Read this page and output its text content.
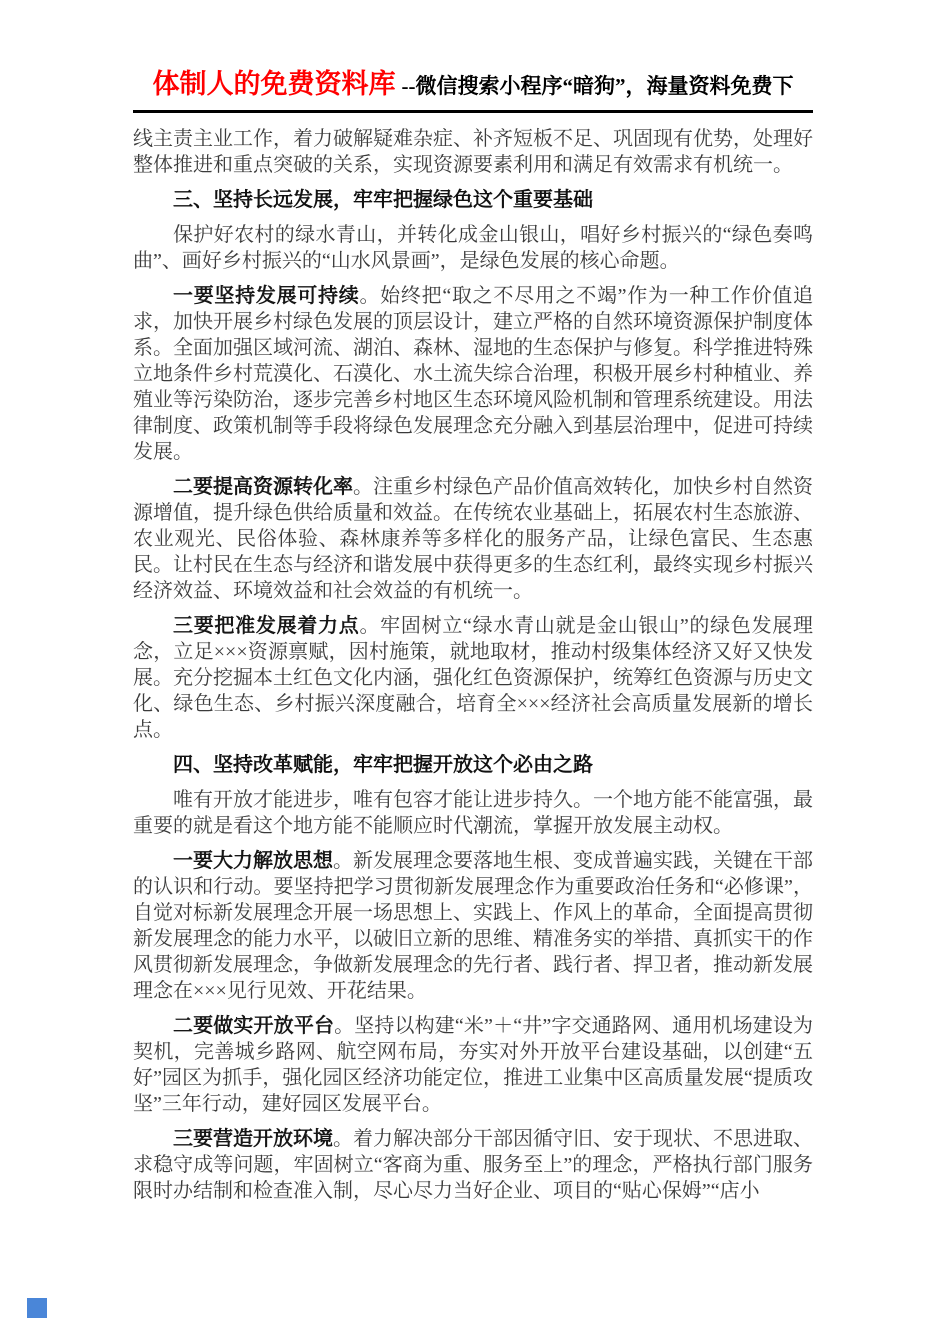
体制人的免费资料库 --微信搜索小程序“暗狗”，海量资料免费下

线主责主业工作，着力破解疑难杂症、补齐短板不足、巩固现有优势，处理好整体推进和重点突破的关系，实现资源要素利用和满足有效需求有机统一。

三、坚持长远发展，牢牢把握绿色这个重要基础

保护好农村的绿水青山，并转化成金山银山，唱好乡村振兴的“绿色奏鸣曲”、画好乡村振兴的“山水风景画”，是绿色发展的核心命题。

一要坚持发展可持续。始终把“取之不尽用之不竭”作为一种工作价值追求，加快开展乡村绿色发展的顶层设计，建立严格的自然环境资源保护制度体系。全面加强区域河流、湖泊、森林、湿地的生态保护与修复。科学推进特殊立地条件乡村荒漠化、石漠化、水土流失综合治理，积极开展乡村种植业、养殖业等污染防治，逐步完善乡村地区生态环境风险机制和管理系统建设。用法律制度、政策机制等手段将绿色发展理念充分融入到基层治理中，促进可持续发展。

二要提高资源转化率。注重乡村绿色产品价值高效转化，加快乡村自然资源增值，提升绿色供给质量和效益。在传统农业基础上，拓展农村生态旅游、农业观光、民俗体验、森林康养等多样化的服务产品，让绿色富民、生态惠民。让村民在生态与经济和谐发展中获得更多的生态红利，最终实现乡村振兴经济效益、环境效益和社会效益的有机统一。

三要把准发展着力点。牢固树立“绿水青山就是金山银山”的绿色发展理念，立足×××资源禀赋，因村施策，就地取材，推动村级集体经济又好又快发展。充分挖掘本土红色文化内涵，强化红色资源保护，统筹红色资源与历史文化、绿色生态、乡村振兴深度融合，培育全×××经济社会高质量发展新的增长点。

四、坚持改革赋能，牢牢把握开放这个必由之路

唯有开放才能进步，唯有包容才能让进步持久。一个地方能不能富强，最重要的就是看这个地方能不能顺应时代潮流，掌握开放发展主动权。

一要大力解放思想。新发展理念要落地生根、变成普遍实践，关键在干部的认识和行动。要坚持把学习贯彻新发展理念作为重要政治任务和“必修课”，自觉对标新发展理念开展一场思想上、实践上、作风上的革命，全面提高贯彻新发展理念的能力水平，以破旧立新的思维、精准务实的举措、真抓实干的作风贯彻新发展理念，争做新发展理念的先行者、践行者、捍卫者，推动新发展理念在×××见行见效、开花结果。

二要做实开放平台。坚持以构建“米”＋“井”字交通路网、通用机场建设为契机，完善城乡路网、航空网布局，夯实对外开放平台建设基础，以创建“五好”园区为抓手，强化园区经济功能定位，推进工业集中区高质量发展“提质攻坚”三年行动，建好园区发展平台。

三要营造开放环境。着力解决部分干部因循守旧、安于现状、不思进取、求稳守成等问题，牢固树立“客商为重、服务至上”的理念，严格执行部门服务限时办结制和检查准入制，尽心尽力当好企业、项目的“贴心保姆”“店小
